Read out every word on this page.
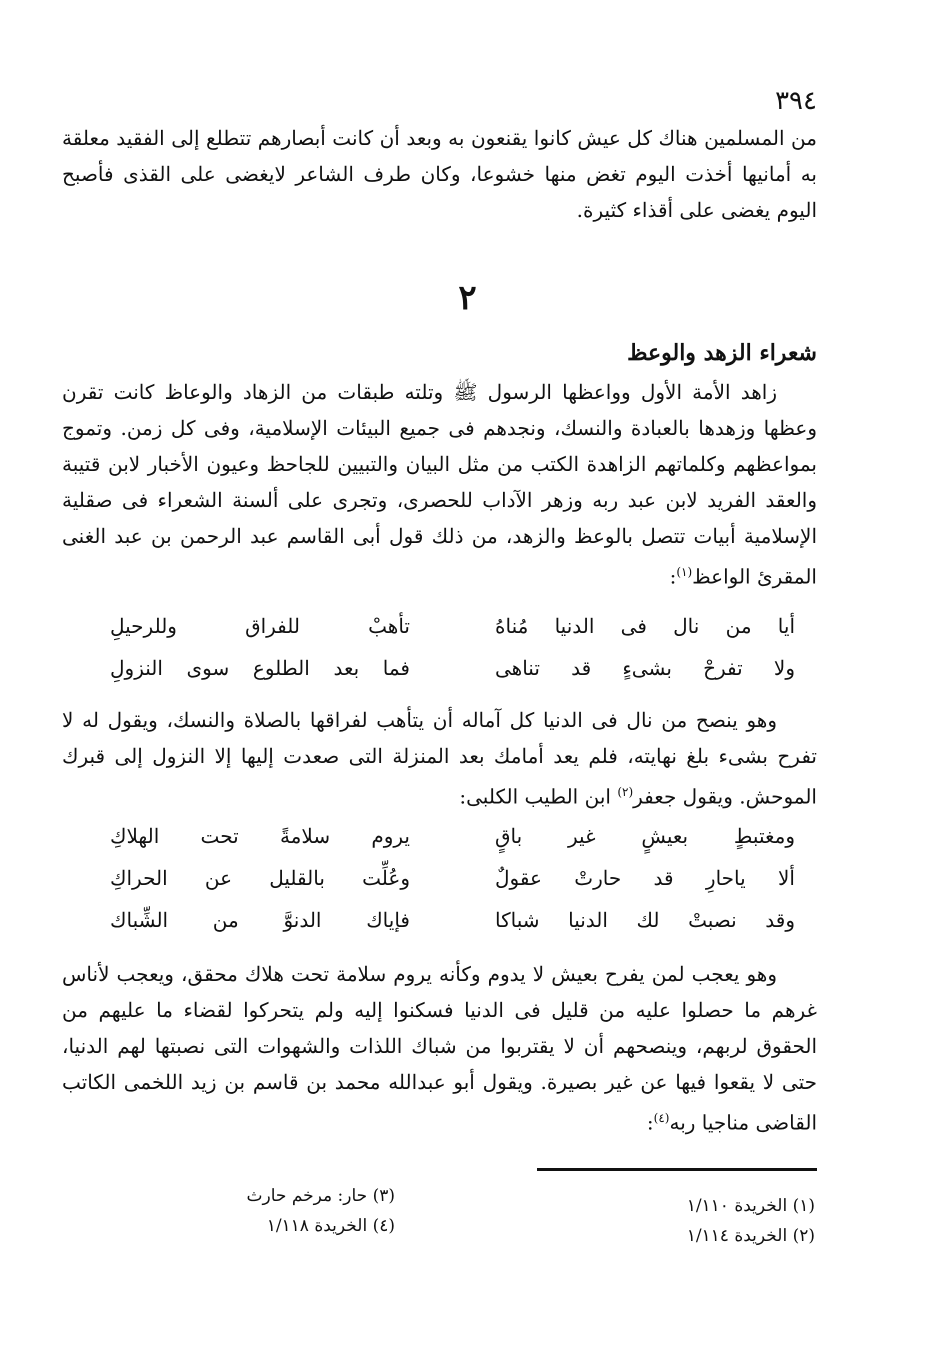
٣٩٤

من المسلمين هناك كل عيش كانوا يقنعون به وبعد أن كانت أبصارهم تتطلع إلى الفقيد معلقة به أمانيها أخذت اليوم تغض منها خشوعا، وكان طرف الشاعر لايغضى على القذى فأصبح اليوم يغضى على أقذاء كثيرة.

٢
شعراء الزهد والوعظ

زاهد الأمة الأول وواعظها الرسول ﷺ وتلته طبقات من الزهاد والوعاظ كانت تقرن وعظها وزهدها بالعبادة والنسك، ونجدهم فى جميع البيئات الإسلامية، وفى كل زمن. وتموج بمواعظهم وكلماتهم الزاهدة الكتب من مثل البيان والتبيين للجاحظ وعيون الأخبار لابن قتيبة والعقد الفريد لابن عبد ربه وزهر الآداب للحصرى، وتجرى على ألسنة الشعراء فى صقلية الإسلامية أبيات تتصل بالوعظ والزهد، من ذلك قول أبى القاسم عبد الرحمن بن عبد الغنى المقرئ الواعظ$^{(١)}$:

أيا من نال فى الدنيا مُناهُ
تأهبْ للفراق وللرحيلِ
ولا تفرحْ بشىءٍ قد تناهى
فما بعد الطلوع سوى النزولِ

وهو ينصح من نال فى الدنيا كل آماله أن يتأهب لفراقها بالصلاة والنسك، ويقول له لا تفرح بشىء بلغ نهايته، فلم يعد أمامك بعد المنزلة التى صعدت إليها إلا النزول إلى قبرك الموحش. ويقول جعفر$^{(٢)}$ ابن الطيب الكلبى:

ومغتبطٍ بعيشٍ غير باقٍ
يروم سلامةً تحت الهلاكِ
ألا ياحارِ قد حارتْ عقولٌ
وعُلِّت بالقليل عن الحراكِ
وقد نصبتْ لك الدنيا شباكا
فإياك الدنوَّ من الشِّباك

وهو يعجب لمن يفرح بعيش لا يدوم وكأنه يروم سلامة تحت هلاك محقق، ويعجب لأناس غرهم ما حصلوا عليه من قليل فى الدنيا فسكنوا إليه ولم يتحركوا لقضاء ما عليهم من الحقوق لربهم، وينصحهم أن لا يقتربوا من شباك اللذات والشهوات التى نصبتها لهم الدنيا، حتى لا يقعوا فيها عن غير بصيرة. ويقول أبو عبدالله محمد بن قاسم بن زيد اللخمى الكاتب القاضى مناجيا ربه$^{(٤)}$:

(١) الخريدة ١/١١٠
(٢) الخريدة ١/١١٤
(٣) حار: مرخم حارث
(٤) الخريدة ١/١١٨
